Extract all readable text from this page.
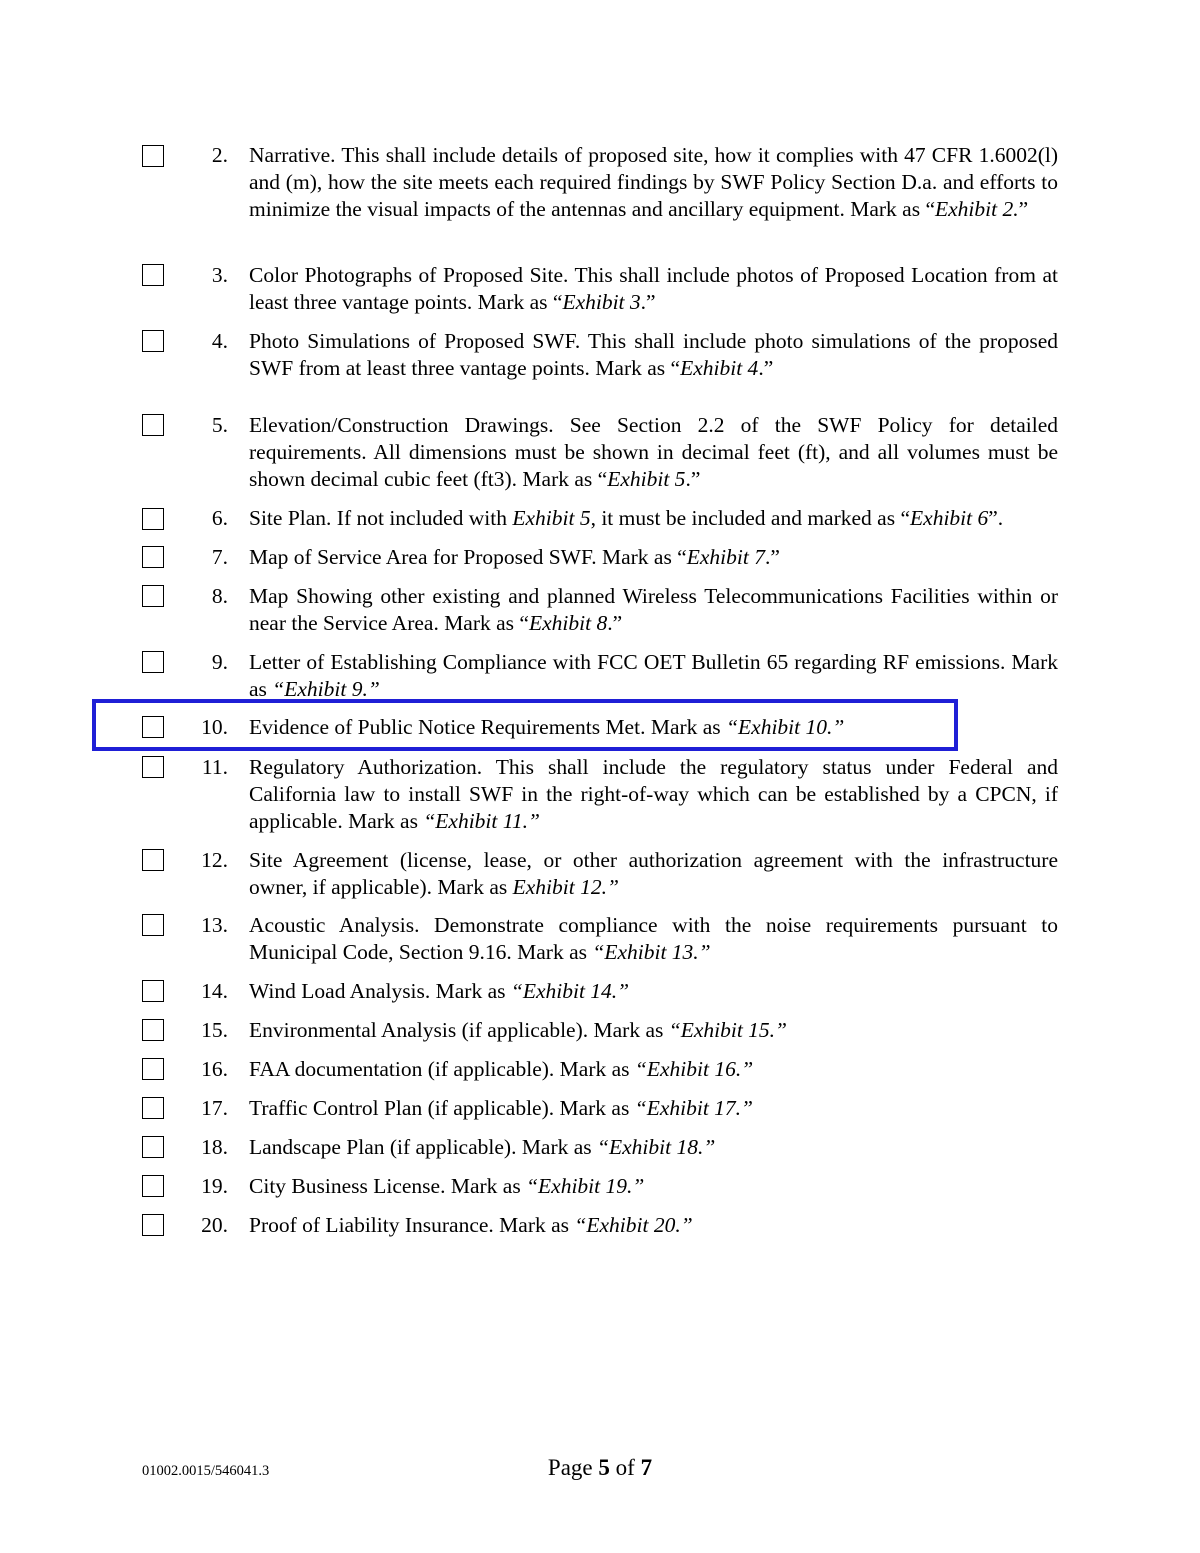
2. Narrative. This shall include details of proposed site, how it complies with 47 CFR 1.6002(l) and (m), how the site meets each required findings by SWF Policy Section D.a. and efforts to minimize the visual impacts of the antennas and ancillary equipment. Mark as “Exhibit 2.”
3. Color Photographs of Proposed Site. This shall include photos of Proposed Location from at least three vantage points. Mark as “Exhibit 3.”
4. Photo Simulations of Proposed SWF. This shall include photo simulations of the proposed SWF from at least three vantage points. Mark as “Exhibit 4.”
5. Elevation/Construction Drawings. See Section 2.2 of the SWF Policy for detailed requirements. All dimensions must be shown in decimal feet (ft), and all volumes must be shown decimal cubic feet (ft3). Mark as “Exhibit 5.”
6. Site Plan. If not included with Exhibit 5, it must be included and marked as “Exhibit 6”.
7. Map of Service Area for Proposed SWF. Mark as “Exhibit 7.”
8. Map Showing other existing and planned Wireless Telecommunications Facilities within or near the Service Area. Mark as “Exhibit 8.”
9. Letter of Establishing Compliance with FCC OET Bulletin 65 regarding RF emissions. Mark as “Exhibit 9.”
10. Evidence of Public Notice Requirements Met. Mark as “Exhibit 10.”
11. Regulatory Authorization. This shall include the regulatory status under Federal and California law to install SWF in the right-of-way which can be established by a CPCN, if applicable. Mark as “Exhibit 11.”
12. Site Agreement (license, lease, or other authorization agreement with the infrastructure owner, if applicable). Mark as Exhibit 12.”
13. Acoustic Analysis. Demonstrate compliance with the noise requirements pursuant to Municipal Code, Section 9.16. Mark as “Exhibit 13.”
14. Wind Load Analysis. Mark as “Exhibit 14.”
15. Environmental Analysis (if applicable). Mark as “Exhibit 15.”
16. FAA documentation (if applicable). Mark as “Exhibit 16.”
17. Traffic Control Plan (if applicable). Mark as “Exhibit 17.”
18. Landscape Plan (if applicable). Mark as “Exhibit 18.”
19. City Business License. Mark as “Exhibit 19.”
20. Proof of Liability Insurance. Mark as “Exhibit 20.”
01002.0015/546041.3	Page 5 of 7
